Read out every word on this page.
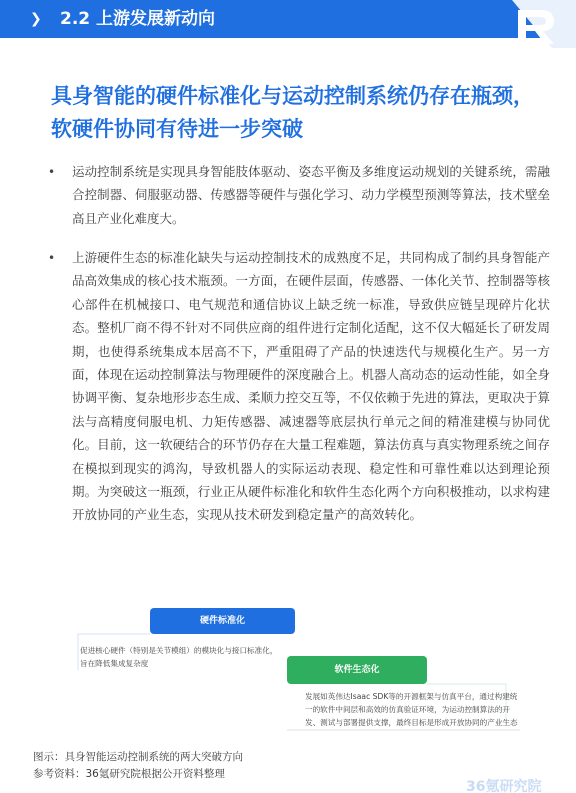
❯ 2.2 上游发展新动向
具身智能的硬件标准化与运动控制系统仍存在瓶颈，软硬件协同有待进一步突破
• 运动控制系统是实现具身智能肢体驱动、姿态平衡及多维度运动规划的关键系统，需融合控制器、伺服驱动器、传感器等硬件与强化学习、动力学模型预测等算法，技术壁垒高且产业化难度大。
• 上游硬件生态的标准化缺失与运动控制技术的成熟度不足，共同构成了制约具身智能产品高效集成的核心技术瓶颈。一方面，在硬件层面，传感器、一体化关节、控制器等核心部件在机械接口、电气规范和通信协议上缺乏统一标准，导致供应链呈现碎片化状态。整机厂商不得不针对不同供应商的组件进行定制化适配，这不仅大幅延长了研发周期，也使得系统集成本居高不下，严重阻碍了产品的快速迭代与规模化生产。另一方面，体现在运动控制算法与物理硬件的深度融合上。机器人高动态的运动性能，如全身协调平衡、复杂地形步态生成、柔顺力控交互等，不仅依赖于先进的算法，更取决于算法与高精度伺服电机、力矩传感器、减速器等底层执行单元之间的精准建模与协同优化。目前，这一软硬结合的环节仍存在大量工程难题，算法仿真与真实物理系统之间存在模拟到现实的鸿沟，导致机器人的实际运动表现、稳定性和可靠性难以达到理论预期。为突破这一瓶颈，行业正从硬件标准化和软件生态化两个方向积极推动，以求构建开放协同的产业生态，实现从技术研发到稳定量产的高效转化。
硬件标准化
促进核心硬件（特别是关节模组）的模块化与接口标准化，旨在降低集成复杂度
软件生态化
发展如英伟达Isaac SDK等的开源框架与仿真平台，通过构建统一的软件中间层和高效的仿真验证环境，为运动控制算法的开发、测试与部署提供支撑，最终目标是形成开放协同的产业生态
图示：具身智能运动控制系统的两大突破方向
参考资料：36氪研究院根据公开资料整理
36氪研究院
